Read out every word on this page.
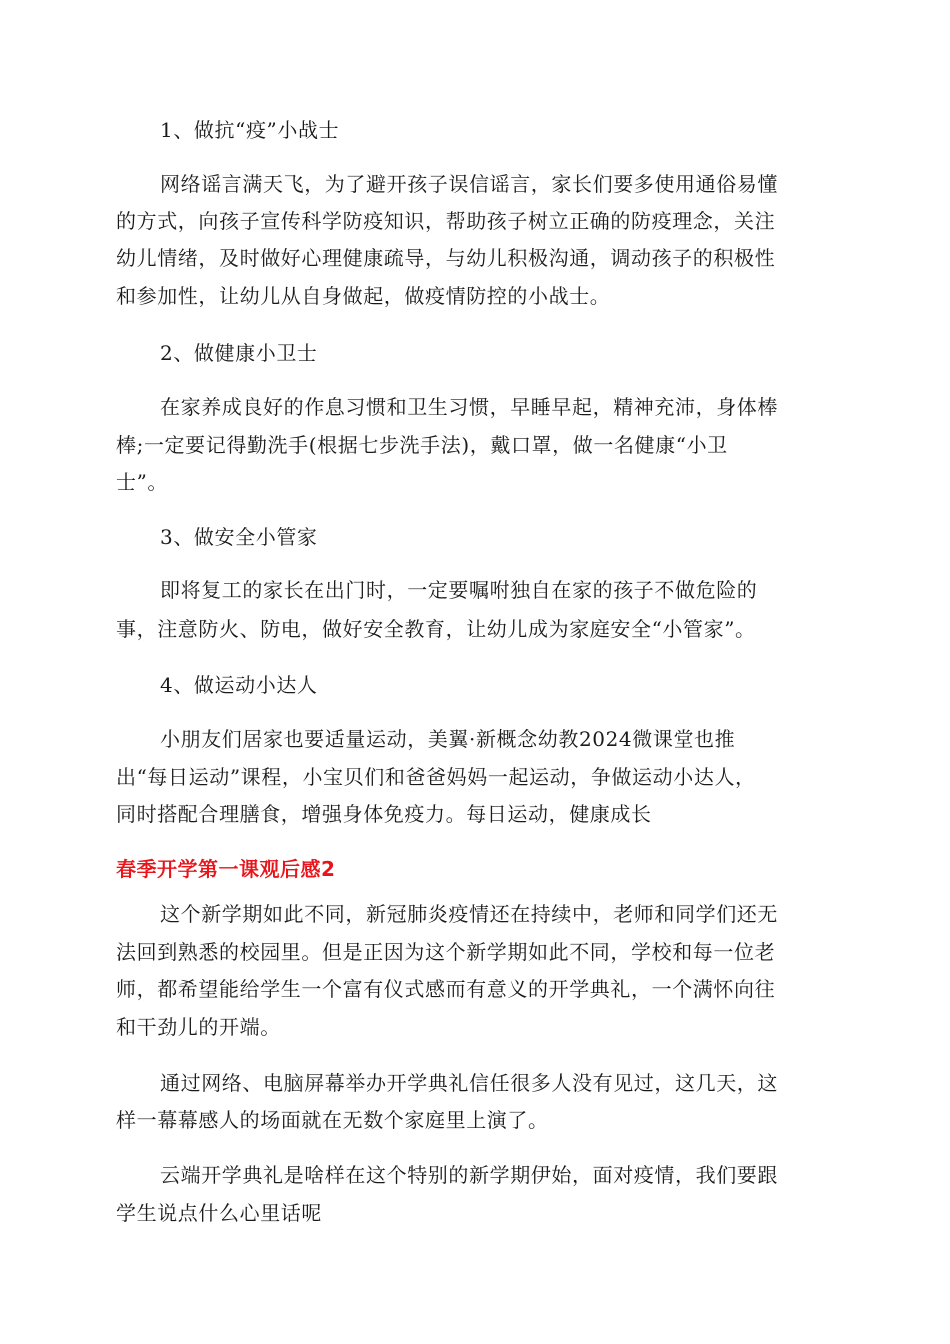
1、做抗“疫”小战士
网络谣言满天飞，为了避开孩子误信谣言，家长们要多使用通俗易懂
的方式，向孩子宣传科学防疫知识，帮助孩子树立正确的防疫理念，关注
幼儿情绪，及时做好心理健康疏导，与幼儿积极沟通，调动孩子的积极性
和参加性，让幼儿从自身做起，做疫情防控的小战士。
2、做健康小卫士
在家养成良好的作息习惯和卫生习惯，早睡早起，精神充沛，身体棒
棒;一定要记得勤洗手(根据七步洗手法)，戴口罩，做一名健康“小卫
士”。
3、做安全小管家
即将复工的家长在出门时，一定要嘱咐独自在家的孩子不做危险的
事，注意防火、防电，做好安全教育，让幼儿成为家庭安全“小管家”。
4、做运动小达人
小朋友们居家也要适量运动，美翼·新概念幼教2024微课堂也推
出“每日运动”课程，小宝贝们和爸爸妈妈一起运动，争做运动小达人，
同时搭配合理膳食，增强身体免疫力。每日运动，健康成长
春季开学第一课观后感2
这个新学期如此不同，新冠肺炎疫情还在持续中，老师和同学们还无
法回到熟悉的校园里。但是正因为这个新学期如此不同，学校和每一位老
师，都希望能给学生一个富有仪式感而有意义的开学典礼，一个满怀向往
和干劲儿的开端。
通过网络、电脑屏幕举办开学典礼信任很多人没有见过，这几天，这
样一幕幕感人的场面就在无数个家庭里上演了。
云端开学典礼是啥样在这个特别的新学期伊始，面对疫情，我们要跟
学生说点什么心里话呢
